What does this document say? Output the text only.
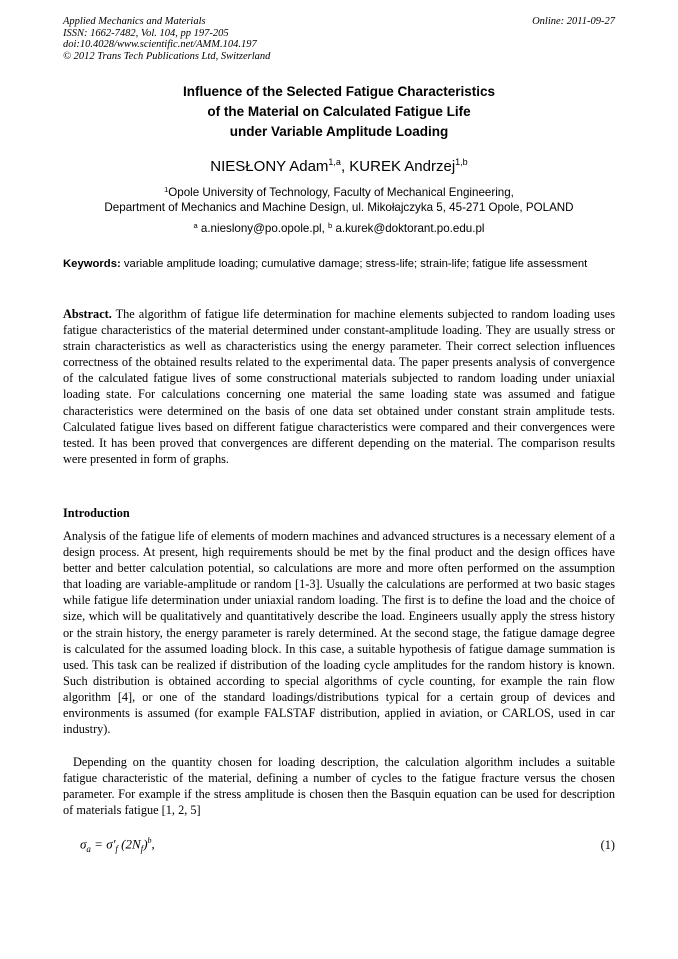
Applied Mechanics and Materials
ISSN: 1662-7482, Vol. 104, pp 197-205
doi:10.4028/www.scientific.net/AMM.104.197
© 2012 Trans Tech Publications Ltd, Switzerland
Online: 2011-09-27
Influence of the Selected Fatigue Characteristics
of the Material on Calculated Fatigue Life
under Variable Amplitude Loading
NIESŁONY Adam$^{1,a}$, KUREK Andrzej$^{1,b}$
$^1$Opole University of Technology, Faculty of Mechanical Engineering,
Department of Mechanics and Machine Design, ul. Mikołajczyka 5, 45-271 Opole, POLAND
$^a$ a.nieslony@po.opole.pl, $^b$ a.kurek@doktorant.po.edu.pl
Keywords: variable amplitude loading; cumulative damage; stress-life; strain-life; fatigue life assessment
Abstract. The algorithm of fatigue life determination for machine elements subjected to random loading uses fatigue characteristics of the material determined under constant-amplitude loading. They are usually stress or strain characteristics as well as characteristics using the energy parameter. Their correct selection influences correctness of the obtained results related to the experimental data. The paper presents analysis of convergence of the calculated fatigue lives of some constructional materials subjected to random loading under uniaxial loading state. For calculations concerning one material the same loading state was assumed and fatigue characteristics were determined on the basis of one data set obtained under constant strain amplitude tests. Calculated fatigue lives based on different fatigue characteristics were compared and their convergences were tested. It has been proved that convergences are different depending on the material. The comparison results were presented in form of graphs.
Introduction
Analysis of the fatigue life of elements of modern machines and advanced structures is a necessary element of a design process. At present, high requirements should be met by the final product and the design offices have better and better calculation potential, so calculations are more and more often performed on the assumption that loading are variable-amplitude or random [1-3]. Usually the calculations are performed at two basic stages while fatigue life determination under uniaxial random loading. The first is to define the load and the choice of size, which will be qualitatively and quantitatively describe the load. Engineers usually apply the stress history or the strain history, the energy parameter is rarely determined. At the second stage, the fatigue damage degree is calculated for the assumed loading block. In this case, a suitable hypothesis of fatigue damage summation is used. This task can be realized if distribution of the loading cycle amplitudes for the random history is known. Such distribution is obtained according to special algorithms of cycle counting, for example the rain flow algorithm [4], or one of the standard loadings/distributions typical for a certain group of devices and environments is assumed (for example FALSTAF distribution, applied in aviation, or CARLOS, used in car industry).
Depending on the quantity chosen for loading description, the calculation algorithm includes a suitable fatigue characteristic of the material, defining a number of cycles to the fatigue fracture versus the chosen parameter. For example if the stress amplitude is chosen then the Basquin equation can be used for description of materials fatigue [1, 2, 5]
$\sigma_a = \sigma'_f$ $(2N_f)^b$,	(1)
